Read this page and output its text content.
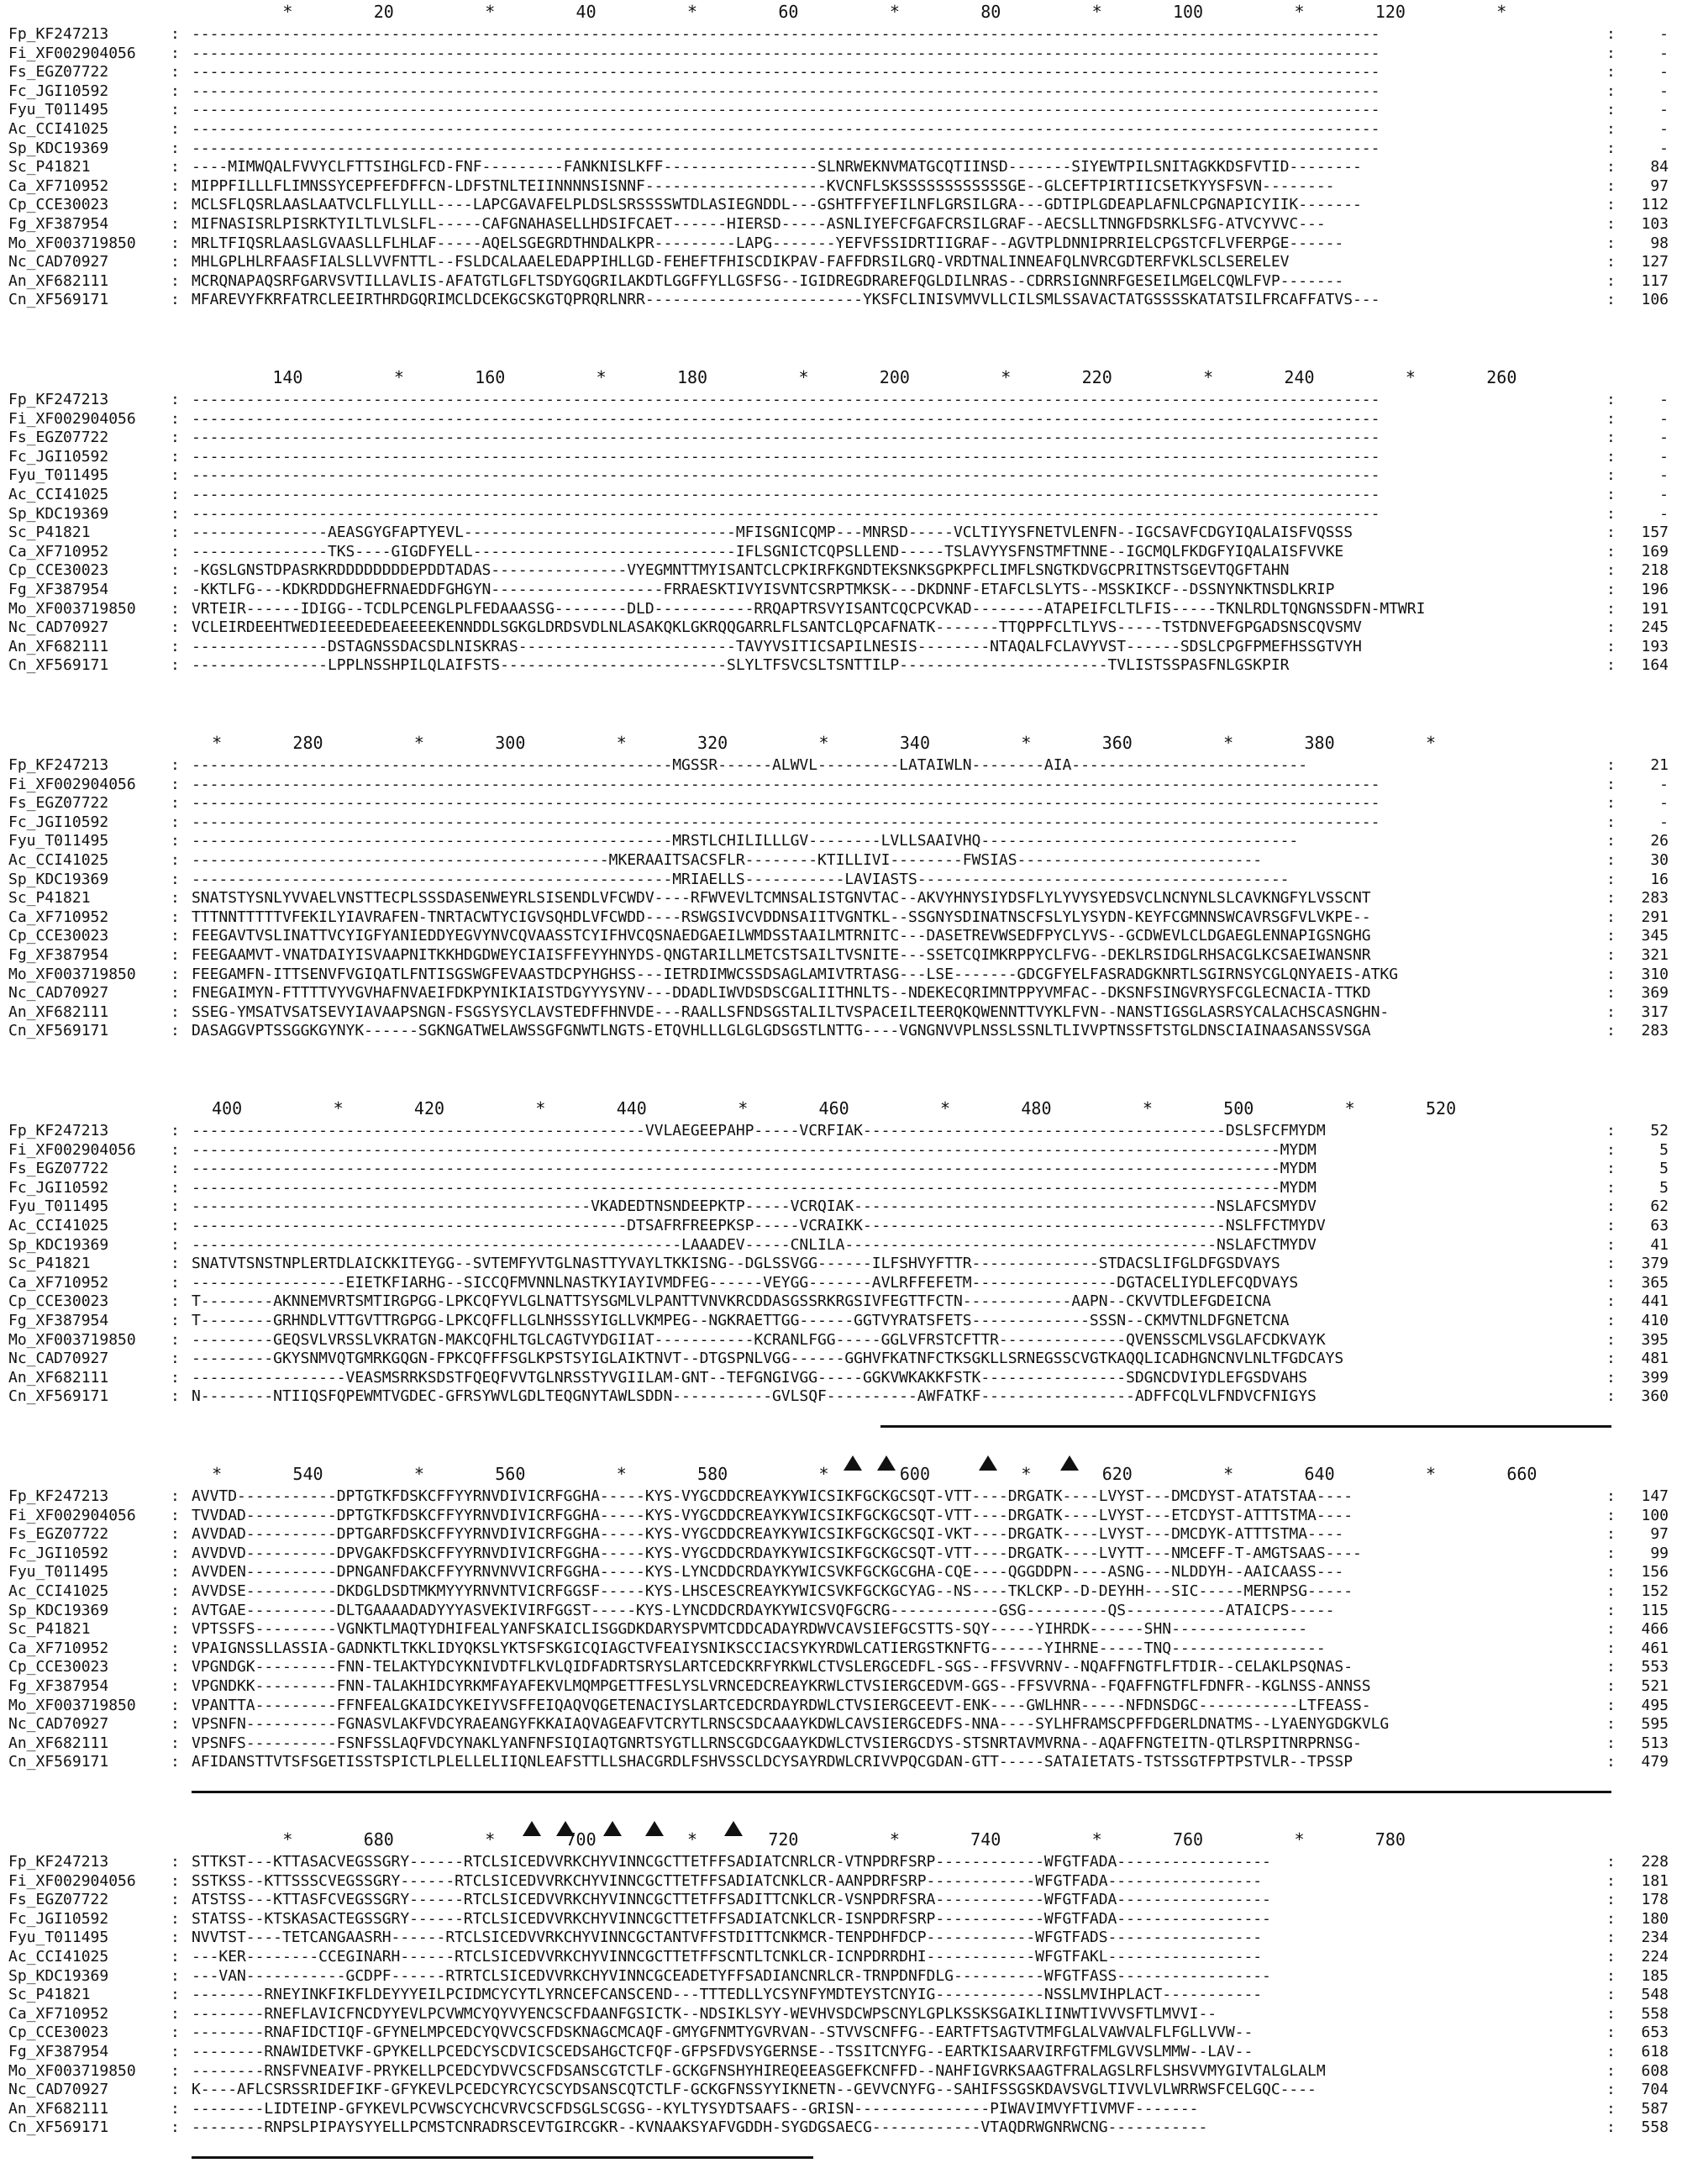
*        20         *        40         *        60         *        80         *       100         *       120         *
Fp_KF247213	: -----------------------------------------------------------------------------------------------------------------------------------	:	-
Fi_XF002904056 : -----------------------------------------------------------------------------------------------------------------------------------	:	-
Fs_EGZ07722	: -----------------------------------------------------------------------------------------------------------------------------------	:	-
Fc_JGI10592	: -----------------------------------------------------------------------------------------------------------------------------------	:	-
Fyu_T011495	: -----------------------------------------------------------------------------------------------------------------------------------	:	-
Ac_CCI41025	: -----------------------------------------------------------------------------------------------------------------------------------	:	-
Sp_KDC19369	: -----------------------------------------------------------------------------------------------------------------------------------	:	-
Sc_P41821	: ----MIMWQALFVVYCLFTTSIHGLFCD-FNF---------FANKNISLKFF-----------------SLNRWEKNVMATGCQTIINSD-------SIYEWTPILSNITAGKKDSFVTID--------	:	84
Ca_XF710952	: MIPPFILLLFLIMNSSYCEPFEFDFFCN-LDFSTNLTEIINNNNSISNNF--------------------KVCNFLSKSSSSSSSSSSSSGE--GLCEFTPIRTIICSETKYYSFSVN--------	:	97
Cp_CCE30023	: MCLSFLQSRLAASLAATVCLFLLYLLL----LAPCGAVAFELPLDSLSRSSSSWTDLASIEGNDDL---GSHTFFYEFILNFLGRSILGRA---GDTIPLGDEAPLAFNLCPGNAPICYIIK-------	:	112
Fg_XF387954	: MIFNASISRLPISRKTYILTLVLSLFL-----CAFGNAHASELLHDSIFCAET------HIERSD-----ASNLIYEFCFGAFCRSILGRAF--AECSLLTNNGFDSRKLSFG-ATVCYVVC---	:	103
Mo_XF003719850 : MRLTFIQSRLAASLGVAASLLFLHLAF-----AQELSGEGRDTHNDALKPR---------LAPG-------YEFVFSSIDRTIIGRAF--AGVTPLDNNIPRRIELCPGSTCFLVFERPGE------	:	98
Nc_CAD70927	: MHLGPLHLRFAASFIALSLLVVFNTTL--FSLDCALAAELEDAPPIHLLGD-FEHEFTFHISCDIKPAV-FAFFDRSILGRQ-VRDTNALINNEAFQLNVRCGDTERFVKLSCLSERELEV	:	127
An_XF682111	: MCRQNAPAQSRFGARVSVTILLAVLIS-AFATGTLGFLTSDYGQGRILAKDTLGGFFYLLGSFSG--IGIDREGDRAREFQGLDILNRAS--CDRRSIGNNRFGESEILMGELCQWLFVP-------	:	117
Cn_XF569171	: MFAREVYFKRFATRCLEEIRTHRDGQRIMCLDCEKGCSKGTQPRQRLNRR------------------------YKSFCLINISVMVVLLCILSMLSSAVACTATGSSSSKATATSILFRCAFFATVS---	:	106
140         *       160         *       180         *       200         *       220         *       240         *       260
Fp_KF247213	: -----------------------------------------------------------------------------------------------------------------------------------	:	-
Fi_XF002904056 : -----------------------------------------------------------------------------------------------------------------------------------	:	-
Fs_EGZ07722	: -----------------------------------------------------------------------------------------------------------------------------------	:	-
Fc_JGI10592	: -----------------------------------------------------------------------------------------------------------------------------------	:	-
Fyu_T011495	: -----------------------------------------------------------------------------------------------------------------------------------	:	-
Ac_CCI41025	: -----------------------------------------------------------------------------------------------------------------------------------	:	-
Sp_KDC19369	: -----------------------------------------------------------------------------------------------------------------------------------	:	-
Sc_P41821	: ---------------AEASGYGFAPTYEVL------------------------------MFISGNICQMP---MNRSD-----VCLTIYYSFNETVLENFN--IGCSAVFCDGYIQALAISFVQSSS	:	157
Ca_XF710952	: ---------------TKS----GIGDFYELL-----------------------------IFLSGNICTCQPSLLEND-----TSLAVYYSFNSTMFTNNE--IGCMQLFKDGFYIQALAISFVVKE	:	169
Cp_CCE30023	: -KGSLGNSTDPASRKRDDDDDDDDEPDDTADAS---------------VYEGMNTTMYISANTCLCPKIRFKGNDTEKSNKSGPKPFCLIMFLSNGTKDVGCPRITNSTSGEVTQGFTAHN	:	218
Fg_XF387954	: -KKTLFG---KDKRDDDGHEFRNAEDDFGHGYN-------------------FRRAESKTIVYISVNTCSRPTMKSK---DKDNNF-ETAFCLSLYTS--MSSKIKCF--DSSNYNKTNSDLKRIP	:	196
Mo_XF003719850 : VRTEIR------IDIGG--TCDLPCENGLPLFEDAAASSG--------DLD-----------RRQAPTRSVYISANTCQCPCVKAD--------ATAPEIFCLTLFIS-----TKNLRDLTQNGNSSDFN-MTWRI	:	191
Nc_CAD70927	: VCLEIRDEEHTWEDIEEEDEDEAEEEEKENNDDLSGKGLDRDSVDLNLASAKQKLGKRQQGARRLFLSANTCLQPCAFNATK-------TTQPPFCLTLYVS-----TSTDNVEFGPGADSNSCQVSMV	:	245
An_XF682111	: ---------------DSTAGNSSDACSDLNISKRAS------------------------TAVYVSITICSAPILNESIS--------NTAQALFCLAVYVST------SDSLCPGFPMEFHSSGTVYH	:	193
Cn_XF569171	: ---------------LPPLNSSHPILQLAIFSTS-------------------------SLYLTFSVCSLTSNTTILP-----------------------TVLISTSSPASFNLGSKPIR	:	164
*       280         *       300         *       320         *       340         *       360         *       380         *
Fp_KF247213	: -----------------------------------------------------MGSSR------ALWVL---------LATAIWLN--------AIA--------------------------	:	21
Fi_XF002904056 : -----------------------------------------------------------------------------------------------------------------------------------	:	-
Fs_EGZ07722	: -----------------------------------------------------------------------------------------------------------------------------------	:	-
Fc_JGI10592	: -----------------------------------------------------------------------------------------------------------------------------------	:	-
Fyu_T011495	: -----------------------------------------------------MRSTLCHILILLLGV--------LVLLSAAIVHQ-----------------------------------	:	26
Ac_CCI41025	: ----------------------------------------------MKERAAITSACSFLR--------KTILLIVI--------FWSIAS---------------------------	:	30
Sp_KDC19369	: -----------------------------------------------------MRIAELLS-----------LAVIASTS-----------------------------------------	:	16
Sc_P41821	: SNATSTYSNLYVVAELVNSTTECPLSSSDASENWEYRLSISENDLVFCWDV----RFWVEVLTCMNSALISTGNVTAC--AKVYHNYSIYDSFLYLYVYSYEDSVCLNCNYNLSLCAVKNGFYLVSSCNT	:	283
Ca_XF710952	: TTTNNTTTTTVFEKILYIAVRAFEN-TNRTACWTYCIGVSQHDLVFCWDD----RSWGSIVCVDDNSAIITVGNTKL--SSGNYSDINATNSCFSLYLYSYDN-KEYFCGMNNSWCAVRSGFVLVKPE--	:	291
Cp_CCE30023	: FEEGAVTVSLINATTVCYIGFYANIEDDYEGVYNVCQVAASSTCYIFHVCQSNAEDGAEILWMDSSTAAILMTRNITC---DASETREVWSEDFPYCLYVS--GCDWEVLCLDGAEGLENNAPIGSNGHG	:	345
Fg_XF387954	: FEEGAAMVT-VNATDAIYISVAAPNITKKHDGDWEYCIAISFFEYYHNYDS-QNGTARILLMETCSTSAILTVSNITE---SSETCQIMKRPPYCLFVG--DEKLRSIDGLRHSACGLKCSAEIWANSNR	:	321
Mo_XF003719850 : FEEGAMFN-ITTSENVFVGIQATLFNTISGSWGFEVAASTDCPYHGHSS---IETRDIMWCSSDSAGLAMIVTRTASG---LSE-------GDCGFYELFASRADGKNRTLSGIRNSYCGLQNYAEIS-ATKG	:	310
Nc_CAD70927	: FNEGAIMYN-FTTTTVYVGVHAFNVAEIFDKPYNIKIAISTDGYYYSYNV---DDADLIWVDSDSCGALIITHNLTS--NDEKECQRIMNTPPYVMFAC--DKSNFSINGVRYSFCGLECNACIA-TTKD	:	369
An_XF682111	: SSEG-YMSATVSATSEVYIAVAAPSNGN-FSGSYSYCLAVSTEDFFHNVDE---RAALLSFNDSGSTALILTVSPACEILTEERQKQWENNTTVYKLFVN--NANSTIGSGLASRSYCALACHSCASNGHN-	:	317
Cn_XF569171	: DASAGGVPTSSGGKGYNYK------SGKNGATWELAWSSGFGNWTLNGTS-ETQVHLLLGLGLGDSGSTLNTTG----VGNGNVVPLNSSLSSNLTLIVVPTNSSFTSTGLDNSCIAINAASANSSVSGA	:	283
400         *       420         *       440         *       460         *       480         *       500         *       520
Fp_KF247213	: --------------------------------------------------VVLAEGEEPAHP-----VCRFIAK----------------------------------------DSLSFCFMYDM	:	52
Fi_XF002904056 : ------------------------------------------------------------------------------------------------------------------------MYDM	:	5
Fs_EGZ07722	: ------------------------------------------------------------------------------------------------------------------------MYDM	:	5
Fc_JGI10592	: ------------------------------------------------------------------------------------------------------------------------MYDM	:	5
Fyu_T011495	: --------------------------------------------VKADEDTNSNDEEPKTP-----VCRQIAK----------------------------------------NSLAFCSMYDV	:	62
Ac_CCI41025	: ------------------------------------------------DTSAFRFREEPKSP-----VCRAIKK----------------------------------------NSLFFCTMYDV	:	63
Sp_KDC19369	: ------------------------------------------------------LAAADEV-----CNLILA-----------------------------------------NSLAFCTMYDV	:	41
Sc_P41821	: SNATVTSNSTNPLERTDLAICKKITEYGG--SVTEMFYVTGLNASTTYVAYLTKKISNG--DGLSSVGG------ILFSHVYFTTR--------------STDACSLIFGLDFGSDVAYS	:	379
Ca_XF710952	: -----------------EIETKFIARHG--SICCQFMVNNLNASTKYIAYIVMDFEG------VEYGG-------AVLRFFEFETM----------------DGTACELIYDLEFCQDVAYS	:	365
Cp_CCE30023	: T--------AKNNEMVRTSMTIRGPGG-LPKCQFYVLGLNATTSYSGMLVLPANTTVNVKRCDDASGSSRKRGSIVFEGTTFCTN------------AAPN--CKVVTDLEFGDEICNA	:	441
Fg_XF387954	: T--------GRHNDLVTTGVTTRGPGG-LPKCQFFLLGLNHSSSYIGLLVKMPEG--NGKRAETTGG------GGTVYRATSFETS-------------SSSN--CKMVTNLDFGNETCNA	:	410
Mo_XF003719850 : ---------GEQSVLVRSSLVKRATGN-MAKCQFHLTGLCAGTVYDGIIAT-----------KCRANLFGG-----GGLVFRSTCFTTR--------------QVENSSCMLVSGLAFCDKVAYK	:	395
Nc_CAD70927	: ---------GKYSNMVQTGMRKGQGN-FPKCQFFFSGLKPSTSYIGLAIKTNVT--DTGSPNLVGG------GGHVFKATNFCTKSGKLLSRNEGSSCVGTKAQQLICADHGNCNVLNLTFGDCAYS	:	481
An_XF682111	: -----------------VEASMSRRKSDSTFQEQFVVTGLNRSSTYVGIILAM-GNT--TEFGNGIVGG-----GGKVWKAKKFSTK----------------SDGNCDVIYDLEFGSDVAHS	:	399
Cn_XF569171	: N--------NTIIQSFQPEWMTVGDEC-GFRSYWVLGDLTEQGNYTAWLSDDN-----------GVLSQF----------AWFATKF-----------------ADFFCQLVLFNDVCFNIGYS	:	360
*       540         *       560         *       580         *       600         *       620         *       640         *       660
Fp_KF247213	: AVVTD-----------DPTGTKFDSKCFFYYRNVDIVICRFGGHA-----KYS-VYGCDDCREAYKYWICSIKFGCKGCSQT-VTT----DRGATK----LVYST---DMCDYST-ATATSTAA----	:	147
Fi_XF002904056 : TVVDAD----------DPTGTKFDSKCFFYYRNVDIVICRFGGHA-----KYS-VYGCDDCREAYKYWICSIKFGCKGCSQT-VTT----DRGATK----LVYST---ETCDYST-ATTTSTMA----	:	100
Fs_EGZ07722	: AVVDAD----------DPTGARFDSKCFFYYRNVDIVICRFGGHA-----KYS-VYGCDDCREAYKYWICSIKFGCKGCSQI-VKT----DRGATK----LVYST---DMCDYK-ATTTSTMA----	:	97
Fc_JGI10592	: AVVDVD----------DPVGAKFDSKCFFYYRNVDIVICRFGGHA-----KYS-VYGCDDCRDAYKYWICSIKFGCKGCSQT-VTT----DRGATK----LVYTT---NMCEFF-T-AMGTSAAS----	:	99
Fyu_T011495	: AVVDEN----------DPNGANFDAKCFFYYRNVNVVICRFGGHA-----KYS-LYNCDDCRDAYKYWICSVKFGCKGCGHA-CQE----QGGDDPN----ASNG---NLDDYH--AAICAASS---	:	156
Ac_CCI41025	: AVVDSE----------DKDGLDSDTMKMYYYRNVNTVICRFGGSF-----KYS-LHSCESCREAYKYWICSVKFGCKGCYAG--NS----TKLCKP--D-DEYHH---SIC-----MERNPSG-----	:	152
Sp_KDC19369	: AVTGAE----------DLTGAAAADADYYYASVEKIVIRFGGST-----KYS-LYNCDDCRDAYKYWICSVQFGCRG------------GSG---------QS-----------ATAICPS-----	:	115
Sc_P41821	: VPTSSFS---------VGNKTLMAQTYDHIFEALYANFSKAICLISGGDKDARYSPVMTCDDCADAYRDWVCAVSIEFGCSTTS-SQY-----YIHRDK------SHN---------------	:	466
Ca_XF710952	: VPAIGNSSLLASSIA-GADNKTLTKKLIDYQKSLYKTSFSKGICQIAGCTVFEAIYSNIKSCCIACSYKYRDWLCATIERGSTKNFTG------YIHRNE-----TNQ-----------------	:	461
Cp_CCE30023	: VPGNDGK---------FNN-TELAKTYDCYKNIVDTFLKVLQIDFADRTSRYSLARTCEDCKRFYRKWLCTVSLERGCEDFL-SGS--FFSVVRNV--NQAFFNGTFLFTDIR--CELAKLPSQNAS-	:	553
Fg_XF387954	: VPGNDKK---------FNN-TALAKHIDCYRKMFAYAFEKVLMQMPGETTFESLYSLVRNCEDCREAYKRWLCTVSIERGCEDVM-GGS--FFSVVRNA--FQAFFNGTFLFDNFR--KGLNSS-ANNSS	:	521
Mo_XF003719850 : VPANTTA---------FFNFEALGKAIDCYKEIYVSFFEIQAQVQGETENACIYSLARTCEDCRDAYRDWLCTVSIERGCEEVT-ENK----GWLHNR-----NFDNSDGC-----------LTFEASS-	:	495
Nc_CAD70927	: VPSNFN----------FGNASVLAKFVDCYRAEANGYFKKAIAQVAGEAFVTCRYTLRNSCSDCAAAYKDWLCAVSIERGCEDFS-NNA----SYLHFRAMSCPFFDGERLDNATMS--LYAENYGDGKVLG	:	595
An_XF682111	: VPSNFS----------FSNFSSLAQFVDCYNAKLYANFNFSIQIAQTGNRTSYGTLLRNSCGDCGAAYKDWLCTVSIERGCDYS-STSNRTAVMVRNA--AQAFFNGTEITN-QTLRSPITNRPRNSG-	:	513
Cn_XF569171	: AFIDANSTTVTSFSGETISSTSPICTLPLELLELIIQNLEAFSTTLLSHACGRDLFSHVSSCLDCYSAYRDWLCRIVVPQCGDAN-GTT-----SATAIETATS-TSTSSGTFPTPSTVLR--TPSSP	:	479
*       680         *       700         *       720         *       740         *       760         *       780
Fp_KF247213	: STTKST---KTTASACVEGSSGRY------RTCLSICEDVVRKCHYVINNCGCTTETFFSADIATCNRLCR-VTNPDRFSRP------------WFGTFADA-----------------	:	228
Fi_XF002904056 : SSTKSS--KTTSSSCVEGSSGRY------RTCLSICEDVVRKCHYVINNCGCTTETFFSADIATCNKLCR-AANPDRFSRP------------WFGTFADA-----------------	:	181
Fs_EGZ07722	: ATSTSS---KTTASFCVEGSSGRY------RTCLSICEDVVRKCHYVINNCGCTTETFFSADITTCNKLCR-VSNPDRFSRA------------WFGTFADA-----------------	:	178
Fc_JGI10592	: STATSS--KTSKASACTEGSSGRY------RTCLSICEDVVRKCHYVINNCGCTTETFFSADIATCNKLCR-ISNPDRFSRP------------WFGTFADA-----------------	:	180
Fyu_T011495	: NVVTST----TETCANGAASRH------RTCLSICEDVVRKCHYVINNCGCTANTVFFSTDITTCNKMCR-TENPDHFDCP------------WFGTFADS-----------------	:	234
Ac_CCI41025	: ---KER--------CCEGINARH------RTCLSICEDVVRKCHYVINNCGCTTETFFSCNTLTCNKLCR-ICNPDRRDHI------------WFGTFAKL-----------------	:	224
Sp_KDC19369	: ---VAN-----------GCDPF------RTRTCLSICEDVVRKCHYVINNCGCEADETYFFSADIANCNRLCR-TRNPDNFDLG----------WFGTFASS-----------------	:	185
Sc_P41821	: --------RNEYINKFIKFLDEYYYEILPCIDMCYCYTLYRNCEFCANSCEND---TTTEDLLYCSYNFYMDTEYSTCNYIG------------NSSLMVIHPLACT-----------	:	548
Ca_XF710952	: --------RNEFLAVICFNCDYYEVLPCVWMCYQYVYENCSCFDAANFGSICTK--NDSIKLSYY-WEVHVSDCWPSCNYLGPLKSSKSGAIKLIINWTIVVVSFTLMVVI--	:	558
Cp_CCE30023	: --------RNAFIDCTIQF-GFYNELMPCEDCYQVVCSCFDSKNAGCMCAQF-GMYGFNMTYGVRVAN--STVVSCNFFG--EARTFTSAGTVTMFGLALVAWVALFLFGLLVVW--	:	653
Fg_XF387954	: --------RNAWIDETVKF-GPYKELLPCEDCYSCDVICSCEDSAHGCTCFQF-GFPSFDVSYGERNSE--TSSITCNYFG--EARTKISAARVIRFGTFMLGVVSLMMW--LAV--	:	618
Mo_XF003719850 : --------RNSFVNEAIVF-PRYKELLPCEDCYDVVCSCFDSANSCGTCTLF-GCKGFNSHYHIREQEEASGEFKCNFFD--NAHFIGVRKSAAGTFRALAGSLRFLSHSVVMYGIVTALGLALM	:	608
Nc_CAD70927	: K----AFLCSRSSRIDEFIKF-GFYKEVLPCEDCYRCYCSCYDSANSCQTCTLF-GCKGFNSSYYIKNETN--GEVVCNYFG--SAHIFSSGSKDAVSVGLTIVVLVLWRRWSFCELGQC----	:	704
An_XF682111	: --------LIDTEINP-GFYKEVLPCVWSCYCHCVRVCSCFDSGLSCGSG--KYLTYSYDTSAAFS--GRISN---------------PIWAVIMVYFTIVMVF-------	:	587
Cn_XF569171	: --------RNPSLPIPAYSYYELLPCMSTCNRADRSCEVTGIRCGKR--KVNAAKSYAFVGDDH-SYGDGSAECG------------VTAQDRWGNRWCNG-----------	:	558
